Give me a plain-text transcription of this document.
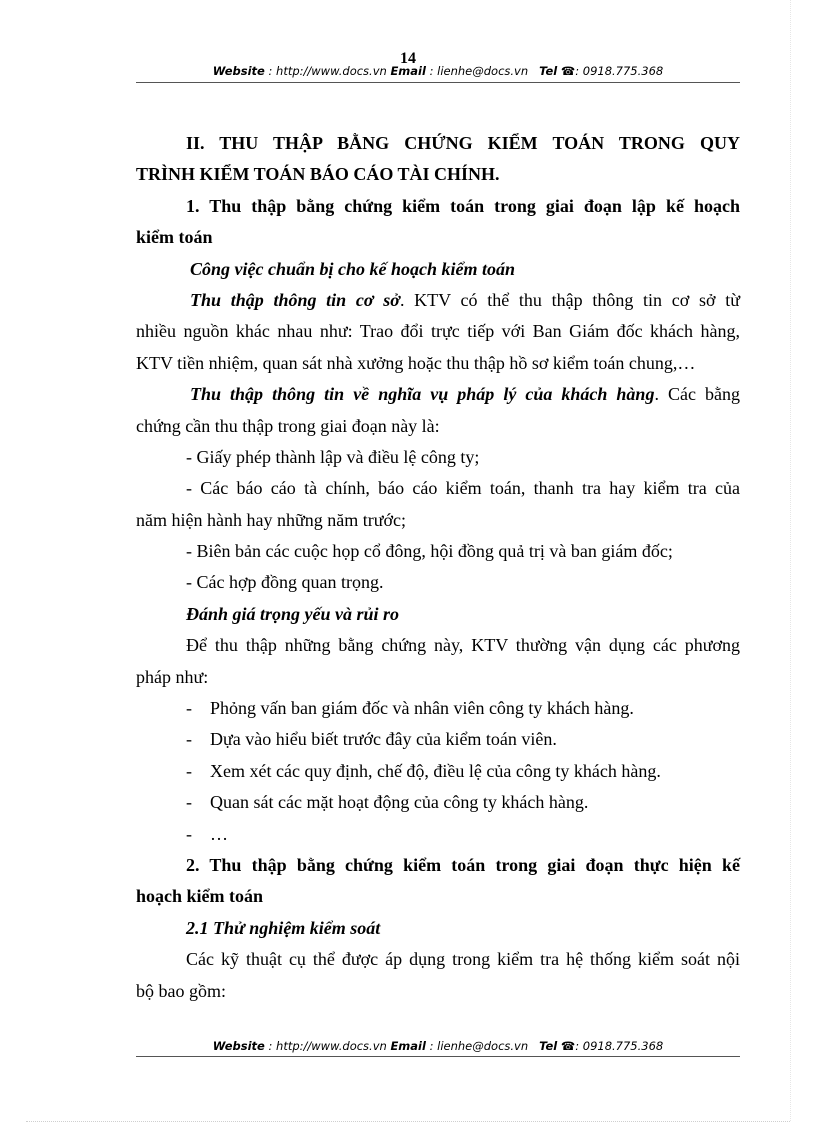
14
Website : http://www.docs.vn Email : lienhe@docs.vn Tel ☎: 0918.775.368
II. THU THẬP BẰNG CHỨNG KIỂM TOÁN TRONG QUY
TRÌNH KIỂM TOÁN BÁO CÁO TÀI CHÍNH.
1. Thu thập bằng chứng kiểm toán trong giai đoạn lập kế hoạch
kiểm toán
Công việc chuẩn bị cho kế hoạch kiểm toán
Thu thập thông tin cơ sở. KTV có thể thu thập thông tin cơ sở từ
nhiều nguồn khác nhau như: Trao đổi trực tiếp với Ban Giám đốc khách hàng,
KTV tiền nhiệm, quan sát nhà xưởng hoặc thu thập hồ sơ kiểm toán chung,…
Thu thập thông tin về nghĩa vụ pháp lý của khách hàng. Các bằng
chứng cần thu thập trong giai đoạn này là:
- Giấy phép thành lập và điều lệ công ty;
- Các báo cáo tà chính, báo cáo kiểm toán, thanh tra hay kiểm tra của
năm hiện hành hay những năm trước;
- Biên bản các cuộc họp cổ đông, hội đồng quả trị và ban giám đốc;
- Các hợp đồng quan trọng.
Đánh giá trọng yếu và rủi ro
Để thu thập những bằng chứng này, KTV thường vận dụng các phương
pháp như:
-	Phỏng vấn ban giám đốc và nhân viên công ty khách hàng.
-	Dựa vào hiểu biết trước đây của kiểm toán viên.
-	Xem xét các quy định, chế độ, điều lệ của công ty khách hàng.
-	Quan sát các mặt hoạt động của công ty khách hàng.
-	…
2. Thu thập bằng chứng kiểm toán trong giai đoạn thực hiện kế
hoạch kiểm toán
2.1 Thử nghiệm kiểm soát
Các kỹ thuật cụ thể được áp dụng trong kiểm tra hệ thống kiểm soát nội
bộ bao gồm:
Website : http://www.docs.vn Email : lienhe@docs.vn Tel ☎: 0918.775.368
